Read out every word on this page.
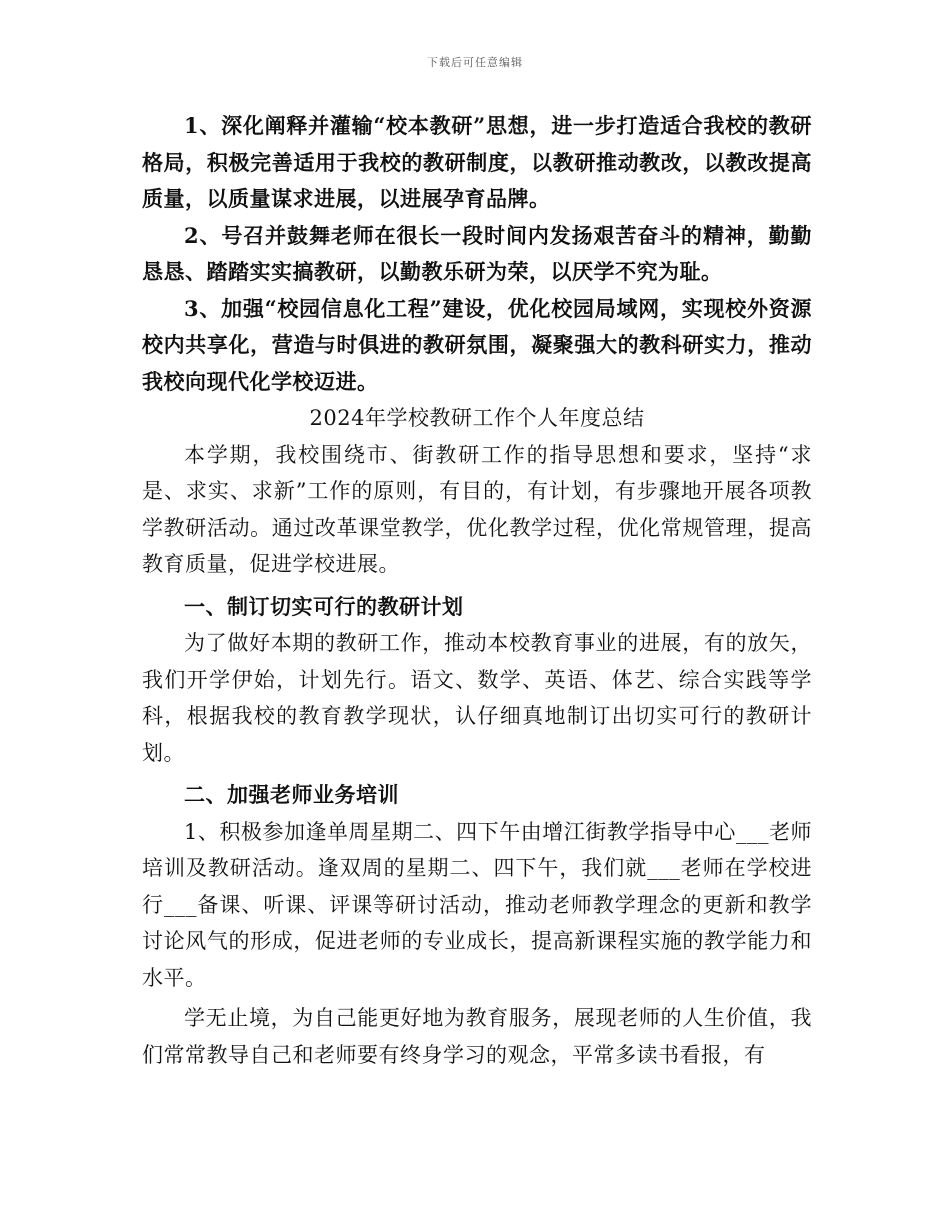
下载后可任意编辑

1、深化阐释并灌输“校本教研”思想，进一步打造适合我校的教研格局，积极完善适用于我校的教研制度，以教研推动教改，以教改提高质量，以质量谋求进展，以进展孕育品牌。

2、号召并鼓舞老师在很长一段时间内发扬艰苦奋斗的精神，勤勤恳恳、踏踏实实搞教研，以勤教乐研为荣，以厌学不究为耻。

3、加强“校园信息化工程”建设，优化校园局域网，实现校外资源校内共享化，营造与时俱进的教研氛围，凝聚强大的教科研实力，推动我校向现代化学校迈进。

2024年学校教研工作个人年度总结

本学期，我校围绕市、街教研工作的指导思想和要求，坚持“求是、求实、求新”工作的原则，有目的，有计划，有步骤地开展各项教学教研活动。通过改革课堂教学，优化教学过程，优化常规管理，提高教育质量，促进学校进展。

一、制订切实可行的教研计划

为了做好本期的教研工作，推动本校教育事业的进展，有的放矢，我们开学伊始，计划先行。语文、数学、英语、体艺、综合实践等学科，根据我校的教育教学现状，认仔细真地制订出切实可行的教研计划。

二、加强老师业务培训

1、积极参加逢单周星期二、四下午由增江街教学指导中心___老师培训及教研活动。逢双周的星期二、四下午，我们就___老师在学校进行___备课、听课、评课等研讨活动，推动老师教学理念的更新和教学讨论风气的形成，促进老师的专业成长，提高新课程实施的教学能力和水平。

学无止境，为自己能更好地为教育服务，展现老师的人生价值，我们常常教导自己和老师要有终身学习的观念，平常多读书看报，有
